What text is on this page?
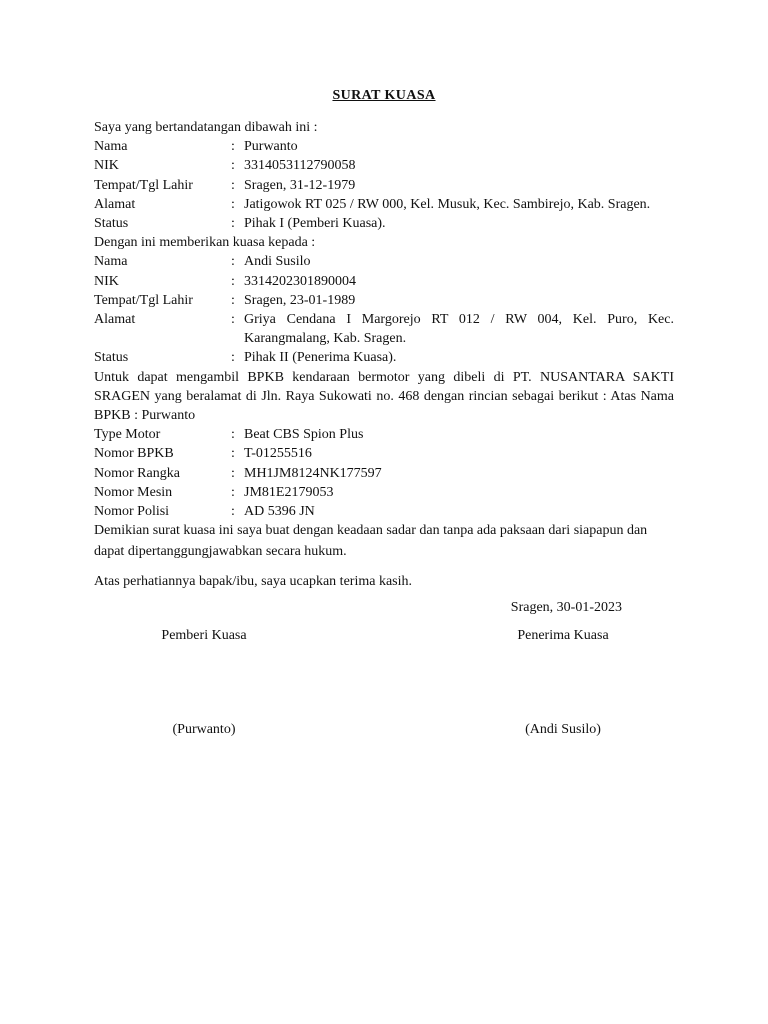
SURAT KUASA
Saya yang bertandatangan dibawah ini :
Nama	: Purwanto
NIK	: 3314053112790058
Tempat/Tgl Lahir	: Sragen, 31-12-1979
Alamat	: Jatigowok RT 025 / RW 000, Kel. Musuk, Kec. Sambirejo, Kab. Sragen.
Status	: Pihak I (Pemberi Kuasa).
Dengan ini memberikan kuasa kepada :
Nama	: Andi Susilo
NIK	: 3314202301890004
Tempat/Tgl Lahir	: Sragen, 23-01-1989
Alamat	: Griya Cendana I Margorejo RT 012 / RW 004, Kel. Puro, Kec. Karangmalang, Kab. Sragen.
Status	: Pihak II (Penerima Kuasa).
Untuk dapat mengambil BPKB kendaraan bermotor yang dibeli di PT. NUSANTARA SAKTI SRAGEN yang beralamat di Jln. Raya Sukowati no. 468 dengan rincian sebagai berikut : Atas Nama BPKB : Purwanto
Type Motor	: Beat CBS Spion Plus
Nomor BPKB	: T-01255516
Nomor Rangka	: MH1JM8124NK177597
Nomor Mesin	: JM81E2179053
Nomor Polisi	: AD 5396 JN
Demikian surat kuasa ini saya buat dengan keadaan sadar dan tanpa ada paksaan dari siapapun dan dapat dipertanggungjawabkan secara hukum.
Atas perhatiannya bapak/ibu, saya ucapkan terima kasih.
Sragen, 30-01-2023
Pemberi Kuasa
(Purwanto)
Penerima Kuasa
(Andi Susilo)
